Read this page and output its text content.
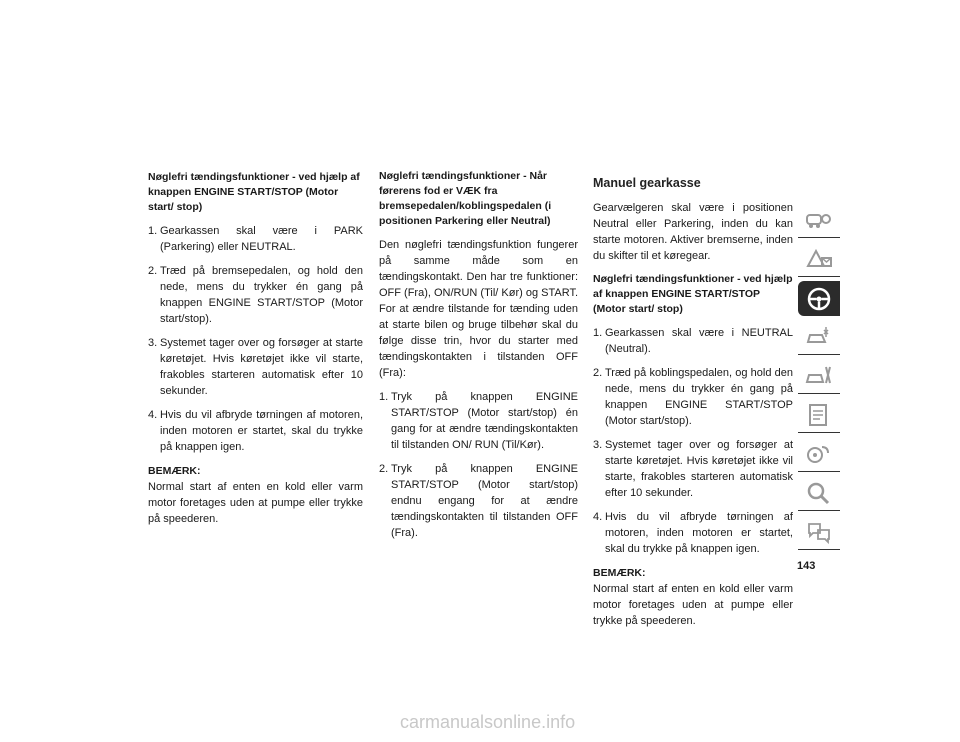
Nøglefri tændingsfunktioner - ved hjælp af knappen ENGINE START/STOP (Motor start/ stop)
1. Gearkassen skal være i PARK (Parkering) eller NEUTRAL.
2. Træd på bremsepedalen, og hold den nede, mens du trykker én gang på knappen ENGINE START/STOP (Motor start/stop).
3. Systemet tager over og forsøger at starte køretøjet. Hvis køretøjet ikke vil starte, frakobles starteren automatisk efter 10 sekunder.
4. Hvis du vil afbryde tørningen af motoren, inden motoren er startet, skal du trykke på knappen igen.
BEMÆRK:
Normal start af enten en kold eller varm motor foretages uden at pumpe eller trykke på speederen.
Nøglefri tændingsfunktioner - Når førerens fod er VÆK fra bremsepedalen/koblingspedalen (i positionen Parkering eller Neutral)

Den nøglefri tændingsfunktion fungerer på samme måde som en tændingskontakt. Den har tre funktioner: OFF (Fra), ON/RUN (Til/ Kør) og START. For at ændre tilstande for tænding uden at starte bilen og bruge tilbehør skal du følge disse trin, hvor du starter med tændingskontakten i tilstanden OFF (Fra):

1. Tryk på knappen ENGINE START/STOP (Motor start/stop) én gang for at ændre tændingskontakten til tilstanden ON/ RUN (Til/Kør).
2. Tryk på knappen ENGINE START/STOP (Motor start/stop) endnu engang for at ændre tændingskontakten til tilstanden OFF (Fra).
Manuel gearkasse

Gearvælgeren skal være i positionen Neutral eller Parkering, inden du kan starte motoren. Aktiver bremserne, inden du skifter til et køregear.

Nøglefri tændingsfunktioner - ved hjælp af knappen ENGINE START/STOP (Motor start/ stop)
1. Gearkassen skal være i NEUTRAL (Neutral).
2. Træd på koblingspedalen, og hold den nede, mens du trykker én gang på knappen ENGINE START/STOP (Motor start/stop).
3. Systemet tager over og forsøger at starte køretøjet. Hvis køretøjet ikke vil starte, frakobles starteren automatisk efter 10 sekunder.
4. Hvis du vil afbryde tørningen af motoren, inden motoren er startet, skal du trykke på knappen igen.
BEMÆRK:
Normal start af enten en kold eller varm motor foretages uden at pumpe eller trykke på speederen.
143
carmanualsonline.info
